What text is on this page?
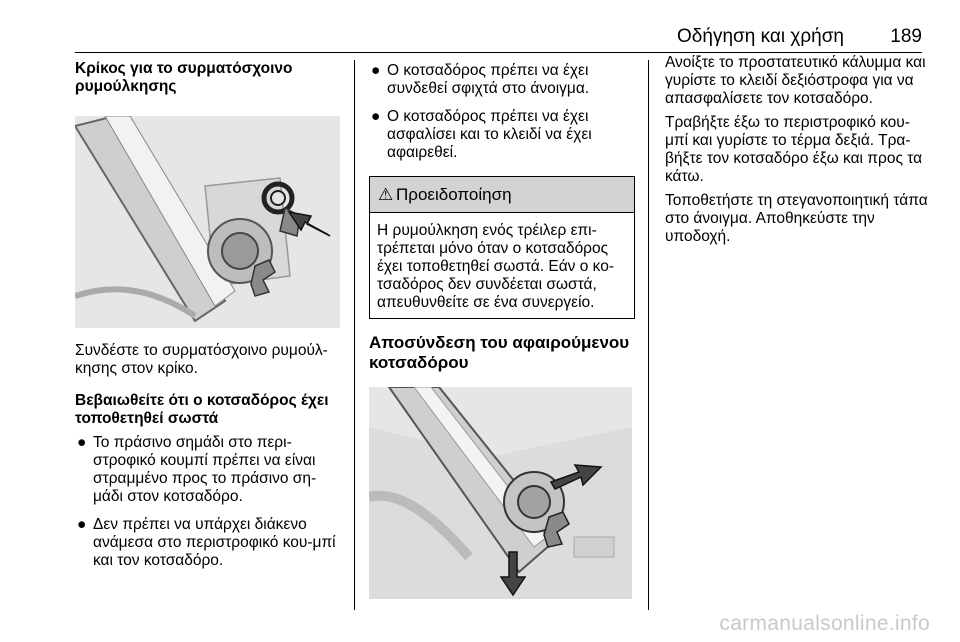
Οδήγηση και χρήση 189
Κρίκος για το συρματόσχοινο ρυμούλκησης

Συνδέστε το συρματόσχοινο ρυμούλ‐κησης στον κρίκο.

Βεβαιωθείτε ότι ο κοτσαδόρος έχει τοποθετηθεί σωστά
● Το πράσινο σημάδι στο περι‐στροφικό κουμπί πρέπει να είναι στραμμένο προς το πράσινο ση‐μάδι στον κοτσαδόρο.
● Δεν πρέπει να υπάρχει διάκενο ανάμεσα στο περιστροφικό κου‐μπί και τον κοτσαδόρο.
● Ο κοτσαδόρος πρέπει να έχει συνδεθεί σφιχτά στο άνοιγμα.
● Ο κοτσαδόρος πρέπει να έχει ασφαλίσει και το κλειδί να έχει αφαιρεθεί.
⚠ Προειδοποίηση
Η ρυμούλκηση ενός τρέιλερ επι‐τρέπεται μόνο όταν ο κοτσαδόρος έχει τοποθετηθεί σωστά. Εάν ο κο‐τσαδόρος δεν συνδέεται σωστά, απευθυνθείτε σε ένα συνεργείο.
Αποσύνδεση του αφαιρούμενου κοτσαδόρου

Ανοίξτε το προστατευτικό κάλυμμα και γυρίστε το κλειδί δεξιόστροφα για να απασφαλίσετε τον κοτσαδόρο.

Τραβήξτε έξω το περιστροφικό κου‐μπί και γυρίστε το τέρμα δεξιά. Τρα‐βήξτε τον κοτσαδόρο έξω και προς τα κάτω.

Τοποθετήστε τη στεγανοποιητική τάπα στο άνοιγμα. Αποθηκεύστε την υποδοχή.

carmanualsonline.info
